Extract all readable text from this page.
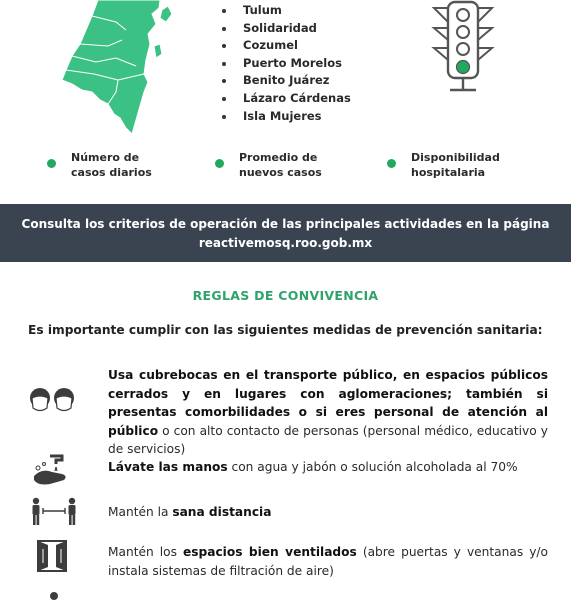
Tulum
Solidaridad
Cozumel
Puerto Morelos
Benito Juárez
Lázaro Cárdenas
Isla Mujeres
Número de
casos diarios
Promedio de
nuevos casos
Disponibilidad
hospitalaria

Consulta los criterios de operación de las principales actividades en la página

reactivemosq.roo.gob.mx

REGLAS DE CONVIVENCIA
Es importante cumplir con las siguientes medidas de prevención sanitaria:
Usa cubrebocas en el transporte público, en espacios públicos cerrados y en lugares con aglomeraciones; también si presentas comorbilidades o si eres personal de atención al público o con alto contacto de personas (personal médico, educativo y de servicios)
Lávate las manos con agua y jabón o solución alcoholada al 70%
Mantén la sana distancia
Mantén los espacios bien ventilados (abre puertas y ventanas y/o instala sistemas de filtración de aire)
